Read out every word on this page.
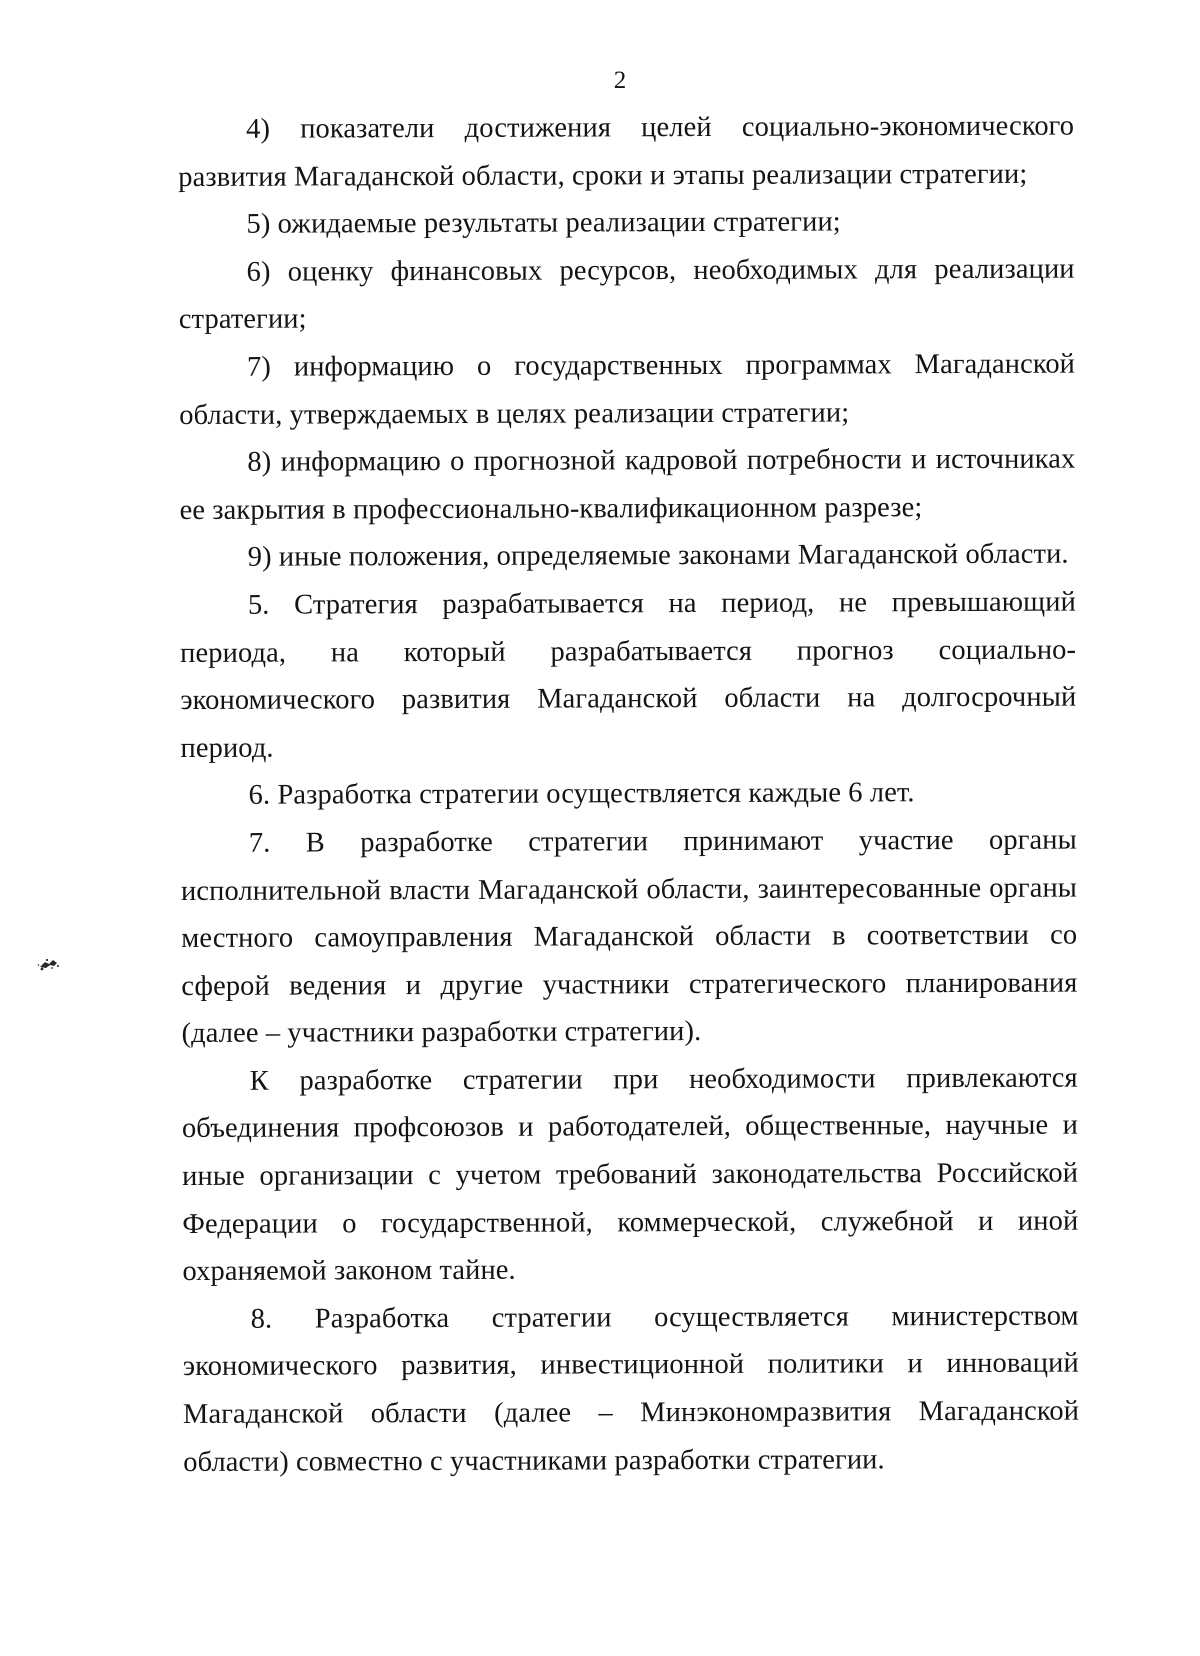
2

4) показатели достижения целей социально-экономического развития Магаданской области, сроки и этапы реализации стратегии;

5) ожидаемые результаты реализации стратегии;

6) оценку финансовых ресурсов, необходимых для реализации стратегии;

7) информацию о государственных программах Магаданской области, утверждаемых в целях реализации стратегии;

8) информацию о прогнозной кадровой потребности и источниках ее закрытия в профессионально-квалификационном разрезе;

9) иные положения, определяемые законами Магаданской области.

5. Стратегия разрабатывается на период, не превышающий периода, на который разрабатывается прогноз социально-экономического развития Магаданской области на долгосрочный период.

6. Разработка стратегии осуществляется каждые 6 лет.

7. В разработке стратегии принимают участие органы исполнительной власти Магаданской области, заинтересованные органы местного самоуправления Магаданской области в соответствии со сферой ведения и другие участники стратегического планирования (далее – участники разработки стратегии).

К разработке стратегии при необходимости привлекаются объединения профсоюзов и работодателей, общественные, научные и иные организации с учетом требований законодательства Российской Федерации о государственной, коммерческой, служебной и иной охраняемой законом тайне.

8. Разработка стратегии осуществляется министерством экономического развития, инвестиционной политики и инноваций Магаданской области (далее – Минэкономразвития Магаданской области) совместно с участниками разработки стратегии.
